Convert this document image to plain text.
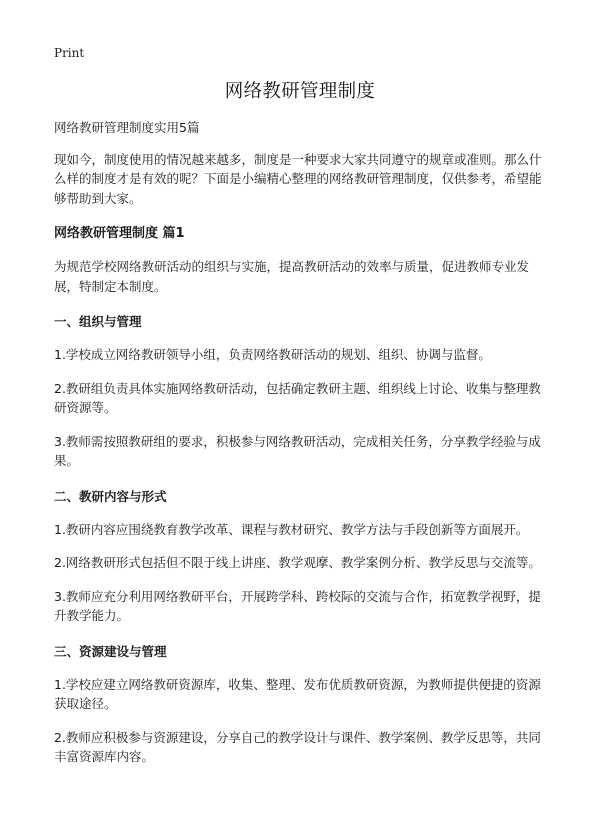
Print
网络教研管理制度

网络教研管理制度实用5篇

现如今，制度使用的情况越来越多，制度是一种要求大家共同遵守的规章或准则。那么什么样的制度才是有效的呢？下面是小编精心整理的网络教研管理制度，仅供参考，希望能够帮助到大家。

网络教研管理制度 篇1

为规范学校网络教研活动的组织与实施，提高教研活动的效率与质量，促进教师专业发展，特制定本制度。

一、组织与管理

1.学校成立网络教研领导小组，负责网络教研活动的规划、组织、协调与监督。

2.教研组负责具体实施网络教研活动，包括确定教研主题、组织线上讨论、收集与整理教研资源等。

3.教师需按照教研组的要求，积极参与网络教研活动，完成相关任务，分享教学经验与成果。

二、教研内容与形式

1.教研内容应围绕教育教学改革、课程与教材研究、教学方法与手段创新等方面展开。

2.网络教研形式包括但不限于线上讲座、教学观摩、教学案例分析、教学反思与交流等。

3.教师应充分利用网络教研平台，开展跨学科、跨校际的交流与合作，拓宽教学视野，提升教学能力。

三、资源建设与管理

1.学校应建立网络教研资源库，收集、整理、发布优质教研资源，为教师提供便捷的资源获取途径。

2.教师应积极参与资源建设，分享自己的教学设计与课件、教学案例、教学反思等，共同丰富资源库内容。
